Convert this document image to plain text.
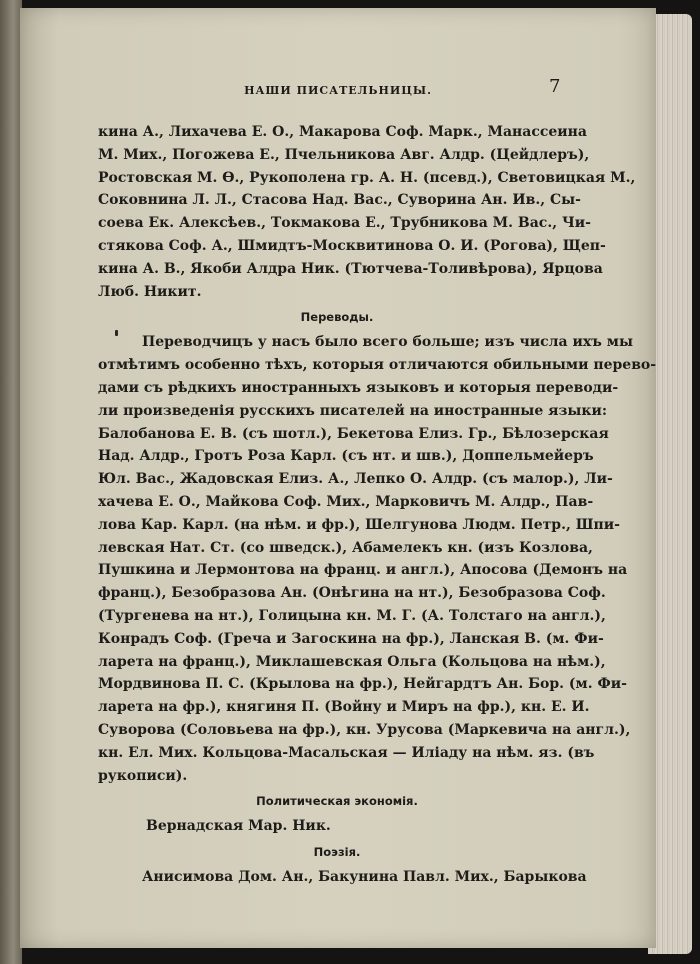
НАШИ ПИСАТЕЛЬНИЦЫ.	7
кина А., Лихачева Е. О., Макарова Соф. Марк., Манассеина
М. Мих., Погожева Е., Пчельникова Авг. Алдр. (Цейдлеръ),
Ростовская М. Ѳ., Рукополена гр. А. Н. (псевд.), Световицкая М.,
Соковнина Л. Л., Стасова Над. Вас., Суворина Ан. Ив., Сы-
соева Ек. Алексѣев., Токмакова Е., Трубникова М. Вас., Чи-
стякова Соф. А., Шмидтъ-Москвитинова О. И. (Рогова), Щеп-
кина А. В., Якоби Алдра Ник. (Тютчева-Толивѣрова), Ярцова
Люб. Никит.
Переводы.
Переводчицъ у насъ было всего больше; изъ числа ихъ мы
отмѣтимъ особенно тѣхъ, которыя отличаются обильными перево-
дами съ рѣдкихъ иностранныхъ языковъ и которыя переводи-
ли произведенія русскихъ писателей на иностранные языки:
Балобанова Е. В. (съ шотл.), Бекетова Елиз. Гр., Бѣлозерская
Над. Алдр., Гротъ Роза Карл. (съ нт. и шв.), Доппельмейеръ
Юл. Вас., Жадовская Елиз. А., Лепко О. Алдр. (съ малор.), Ли-
хачева Е. О., Майкова Соф. Мих., Марковичъ М. Алдр., Пав-
лова Кар. Карл. (на нѣм. и фр.), Шелгунова Людм. Петр., Шпи-
левская Нат. Ст. (со шведск.), Абамелекъ кн. (изъ Козлова,
Пушкина и Лермонтова на франц. и англ.), Апосова (Демонъ на
франц.), Безобразова Ан. (Онѣгина на нт.), Безобразова Соф.
(Тургенева на нт.), Голицына кн. М. Г. (А. Толстаго на англ.),
Конрадъ Соф. (Греча и Загоскина на фр.), Ланская В. (м. Фи-
ларета на франц.), Миклашевская Ольга (Кольцова на нѣм.),
Мордвинова П. С. (Крылова на фр.), Нейгардтъ Ан. Бор. (м. Фи-
ларета на фр.), княгиня П. (Войну и Миръ на фр.), кн. Е. И.
Суворова (Соловьева на фр.), кн. Урусова (Маркевича на англ.),
кн. Ел. Мих. Кольцова-Масальская — Иліаду на нѣм. яз. (въ
рукописи).
Политическая экономія.
Вернадская Мар. Ник.
Поэзія.
Анисимова Дом. Ан., Бакунина Павл. Мих., Барыкова
